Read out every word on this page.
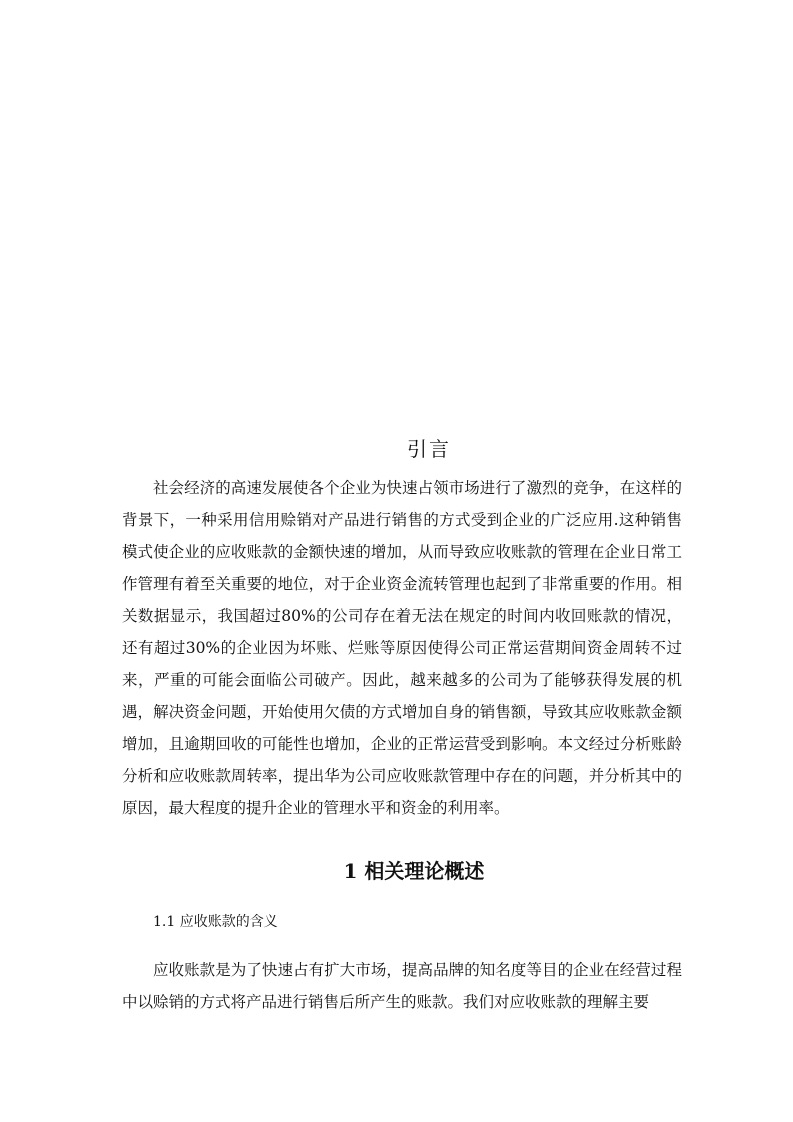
引言

社会经济的高速发展使各个企业为快速占领市场进行了激烈的竞争，在这样的背景下，一种采用信用赊销对产品进行销售的方式受到企业的广泛应用.这种销售模式使企业的应收账款的金额快速的增加，从而导致应收账款的管理在企业日常工作管理有着至关重要的地位，对于企业资金流转管理也起到了非常重要的作用。相关数据显示，我国超过80%的公司存在着无法在规定的时间内收回账款的情况，还有超过30%的企业因为坏账、烂账等原因使得公司正常运营期间资金周转不过来，严重的可能会面临公司破产。因此，越来越多的公司为了能够获得发展的机遇，解决资金问题，开始使用欠债的方式增加自身的销售额，导致其应收账款金额增加，且逾期回收的可能性也增加，企业的正常运营受到影响。本文经过分析账龄分析和应收账款周转率，提出华为公司应收账款管理中存在的问题，并分析其中的原因，最大程度的提升企业的管理水平和资金的利用率。

1 相关理论概述

1.1 应收账款的含义

应收账款是为了快速占有扩大市场，提高品牌的知名度等目的企业在经营过程中以赊销的方式将产品进行销售后所产生的账款。我们对应收账款的理解主要
